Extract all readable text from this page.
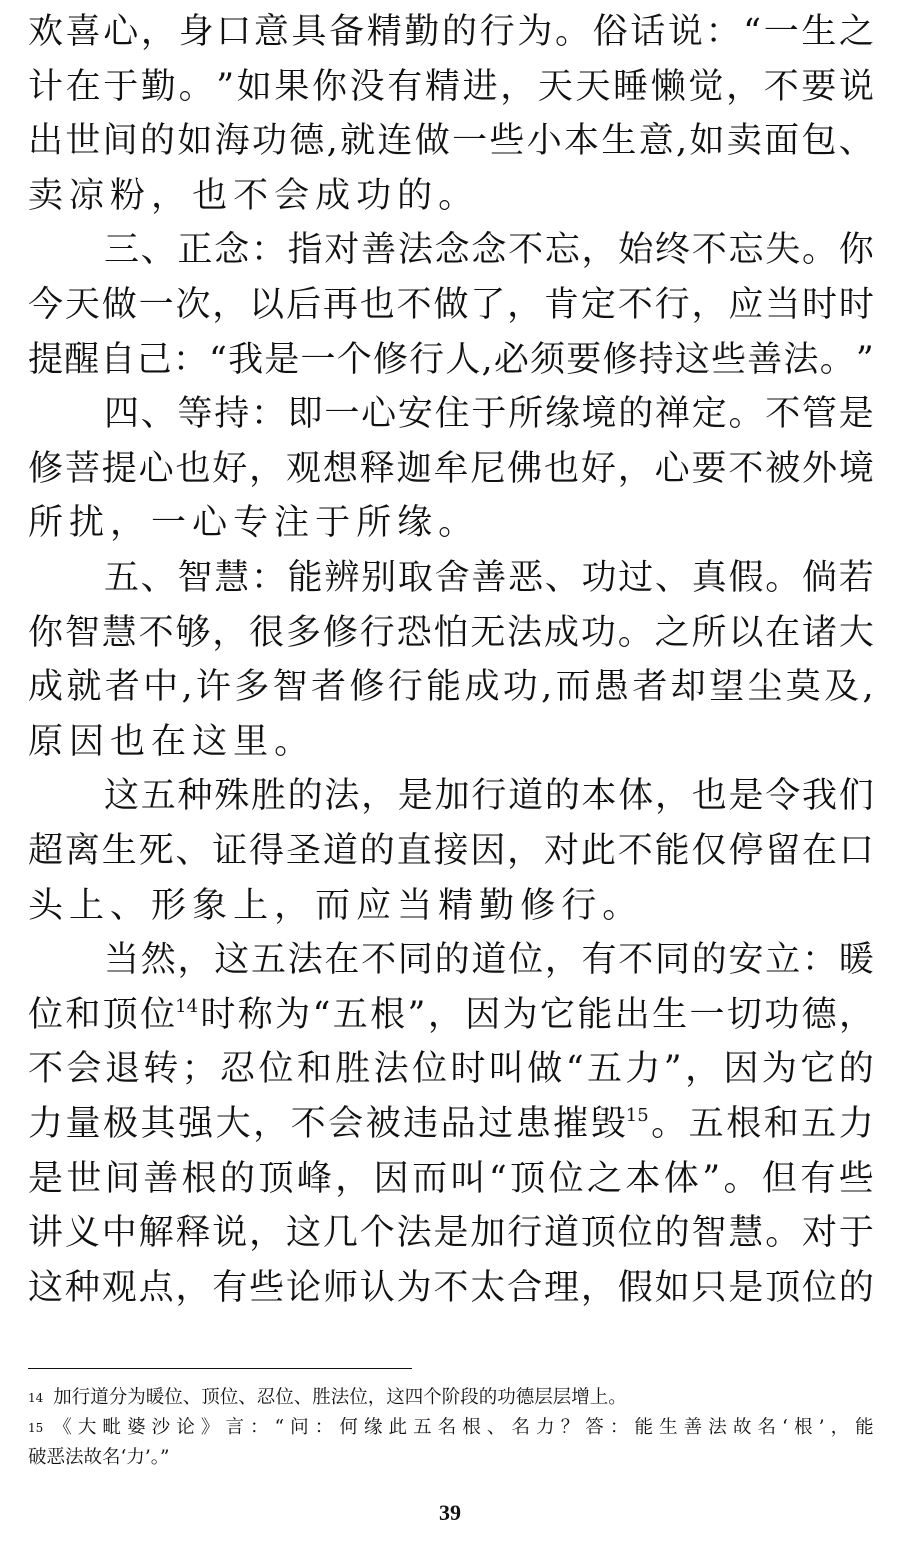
欢 喜 心 ， 身 口 意 具 备 精 勤 的 行 为 。 俗 话 说 ： “ 一 生 之
计 在 于 勤 。 ” 如 果 你 没 有 精 进 ， 天 天 睡 懒 觉 ， 不 要 说
出 世 间 的 如 海 功 德 , 就 连 做 一 些 小 本 生 意 , 如 卖 面 包 、
卖 凉 粉 ， 也 不 会 成 功 的 。
三 、 正 念 ： 指 对 善 法 念 念 不 忘 ， 始 终 不 忘 失 。 你
今 天 做 一 次 ， 以 后 再 也 不 做 了 ， 肯 定 不 行 ， 应 当 时 时
提 醒 自 己 ： “ 我 是 一 个 修 行 人 , 必 须 要 修 持 这 些 善 法 。 ”
四 、 等 持 ： 即 一 心 安 住 于 所 缘 境 的 禅 定 。 不 管 是
修 菩 提 心 也 好 ， 观 想 释 迦 牟 尼 佛 也 好 ， 心 要 不 被 外 境
所 扰 ， 一 心 专 注 于 所 缘 。
五 、 智 慧 ： 能 辨 别 取 舍 善 恶 、 功 过 、 真 假 。 倘 若
你 智 慧 不 够 ， 很 多 修 行 恐 怕 无 法 成 功 。 之 所 以 在 诸 大
成 就 者 中 , 许 多 智 者 修 行 能 成 功 , 而 愚 者 却 望 尘 莫 及 ,
原 因 也 在 这 里 。
这 五 种 殊 胜 的 法 ， 是 加 行 道 的 本 体 ， 也 是 令 我 们
超 离 生 死 、 证 得 圣 道 的 直 接 因 ， 对 此 不 能 仅 停 留 在 口
头 上 、 形 象 上 ， 而 应 当 精 勤 修 行 。
当 然 ， 这 五 法 在 不 同 的 道 位 ， 有 不 同 的 安 立 ： 暖
位 和 顶 位$^{14}$ 时 称 为 “ 五 根 ” ， 因 为 它 能 出 生 一 切 功 德 ，
不 会 退 转 ； 忍 位 和 胜 法 位 时 叫 做 “ 五 力 ” ， 因 为 它 的
力 量 极 其 强 大 ， 不 会 被 违 品 过 患 摧 毁$^{15}$ 。 五 根 和 五 力
是 世 间 善 根 的 顶 峰 ， 因 而 叫 “ 顶 位 之 本 体 ” 。 但 有 些
讲 义 中 解 释 说 ， 这 几 个 法 是 加 行 道 顶 位 的 智 慧 。 对 于
这 种 观 点 ， 有 些 论 师 认 为 不 太 合 理 ， 假 如 只 是 顶 位 的
14 加行道分为暖位、顶位、忍位、胜法位，这四个阶段的功德层层增上。
15 《 大 毗 婆 沙 论 》 言 ： “ 问 ： 何 缘 此 五 名 根 、 名 力 ？ 答 ： 能 生 善 法 故 名 ‘ 根 ’ ， 能
破恶法故名‘力’。”
39
